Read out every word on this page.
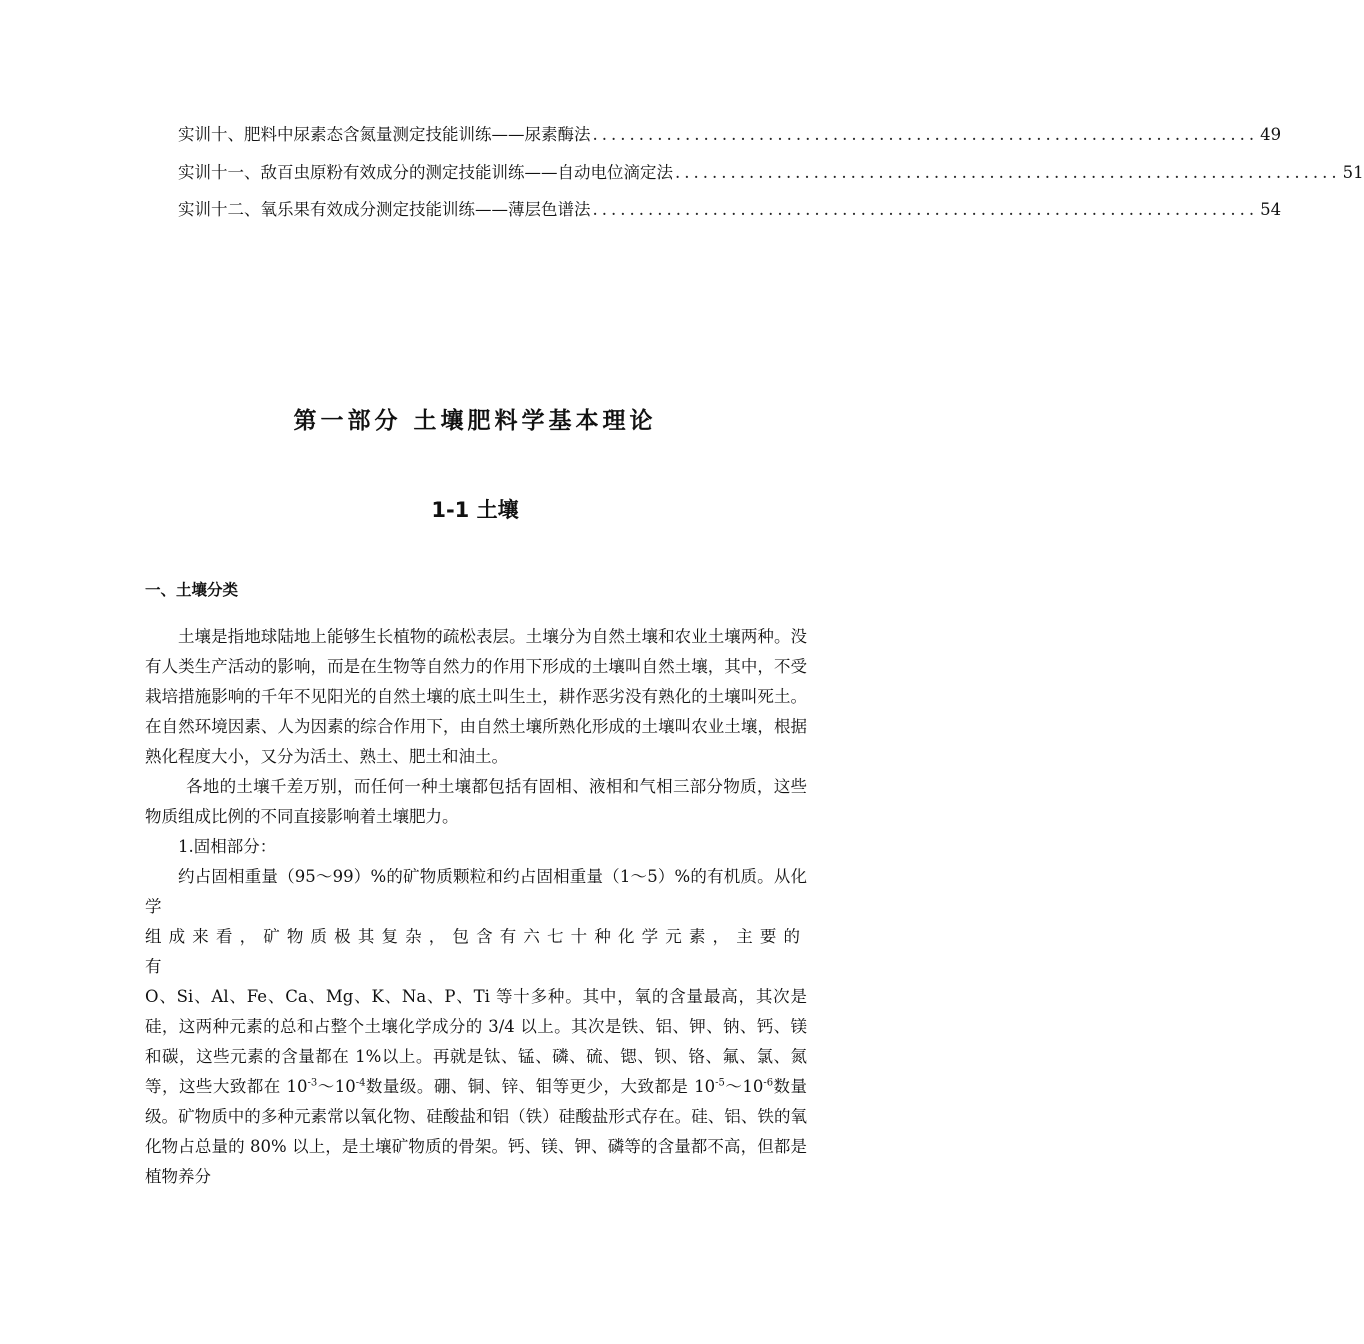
实训十、肥料中尿素态含氮量测定技能训练——尿素酶法 ........................................................................ 49
实训十一、敌百虫原粉有效成分的测定技能训练——自动电位滴定法 ........................................................................ 51
实训十二、氧乐果有效成分测定技能训练——薄层色谱法 ........................................................................ 54
第一部分 土壤肥料学基本理论
1-1 土壤
一、土壤分类

土壤是指地球陆地上能够生长植物的疏松表层。土壤分为自然土壤和农业土壤两种。没有人类生产活动的影响，而是在生物等自然力的作用下形成的土壤叫自然土壤，其中，不受栽培措施影响的千年不见阳光的自然土壤的底土叫生土，耕作恶劣没有熟化的土壤叫死土。在自然环境因素、人为因素的综合作用下，由自然土壤所熟化形成的土壤叫农业土壤，根据熟化程度大小，又分为活土、熟土、肥土和油土。

各地的土壤千差万别，而任何一种土壤都包括有固相、液相和气相三部分物质，这些物质组成比例的不同直接影响着土壤肥力。

1.固相部分：

约占固相重量（95～99）%的矿物质颗粒和约占固相重量（1～5）%的有机质。从化学

组成来看，矿物质极其复杂，包含有六七十种化学元素，主要的有

O、Si、Al、Fe、Ca、Mg、K、Na、P、Ti 等十多种。其中，氧的含量最高，其次是硅，这两种元素的总和占整个土壤化学成分的 3/4 以上。其次是铁、铝、钾、钠、钙、镁和碳，这些元素的含量都在 1%以上。再就是钛、锰、磷、硫、锶、钡、铬、氟、氯、氮等，这些大致都在 $10^{-3}\sim 10^{-4}$数量级。硼、铜、锌、钼等更少，大致都是 $10^{-5}\sim 10^{-6}$数量级。矿物质中的多种元素常以氧化物、硅酸盐和铝（铁）硅酸盐形式存在。硅、铝、铁的氧化物占总量的 80% 以上，是土壤矿物质的骨架。钙、镁、钾、磷等的含量都不高，但都是植物养分
